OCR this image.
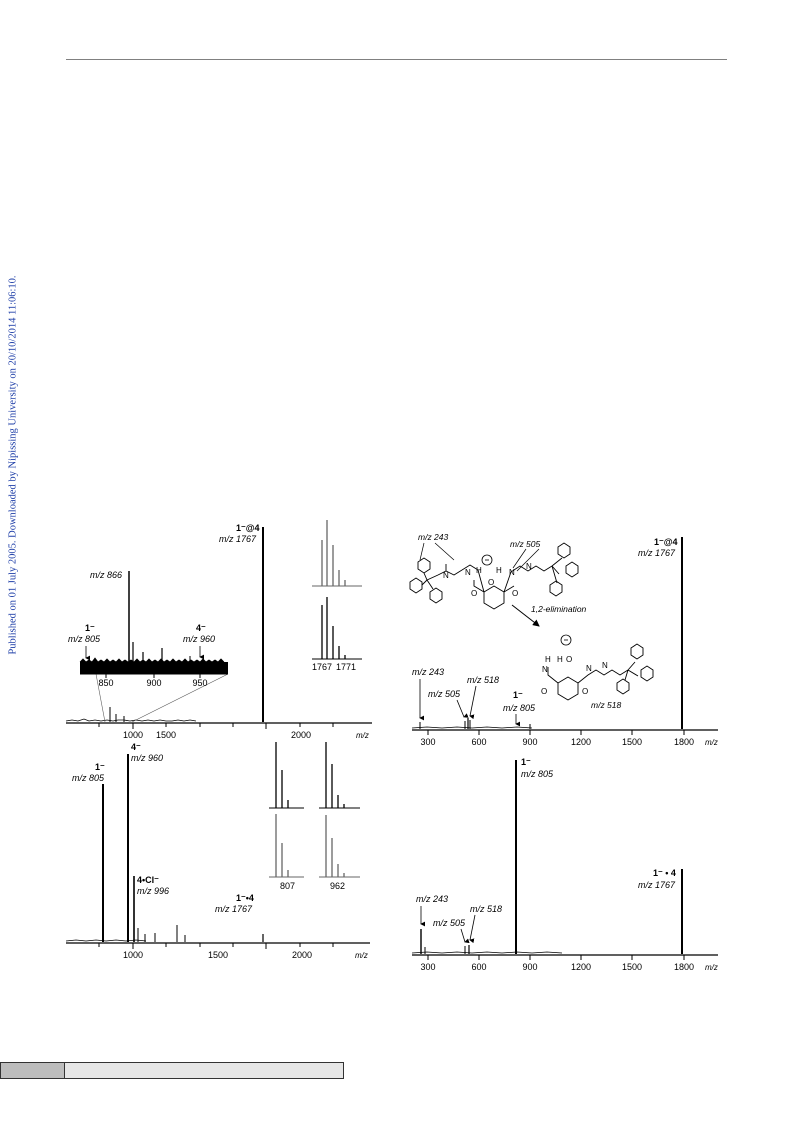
Published on 01 July 2005. Downloaded by Nipissing University on 20/10/2014 11:06:10.
1000 1500	2000	m/z
1⁻@4
m/z 1767
850	900	950
m/z 866
1⁻
m/z 805
4⁻
m/z 960
1767 1771
1000	1500	2000	m/z
1⁻
m/z 805
4⁻
m/z 960
4•Cl⁻
m/z 996
1⁻•4
m/z 1767
807	962
300	600	900	1200	1500	1800 m/z
1⁻@4
m/z 1767
m/z 243
m/z 505
m/z 518
1⁻
m/z 805
N H
O
H N
N
N
O	O
H
N
H O
N N
O	O
m/z 243
m/z 505
1,2-elimination
m/z 518
300	600	900	1200	1500	1800 m/z
1⁻
m/z 805
1⁻ • 4
m/z 1767
m/z 243
m/z 505
m/z 518
